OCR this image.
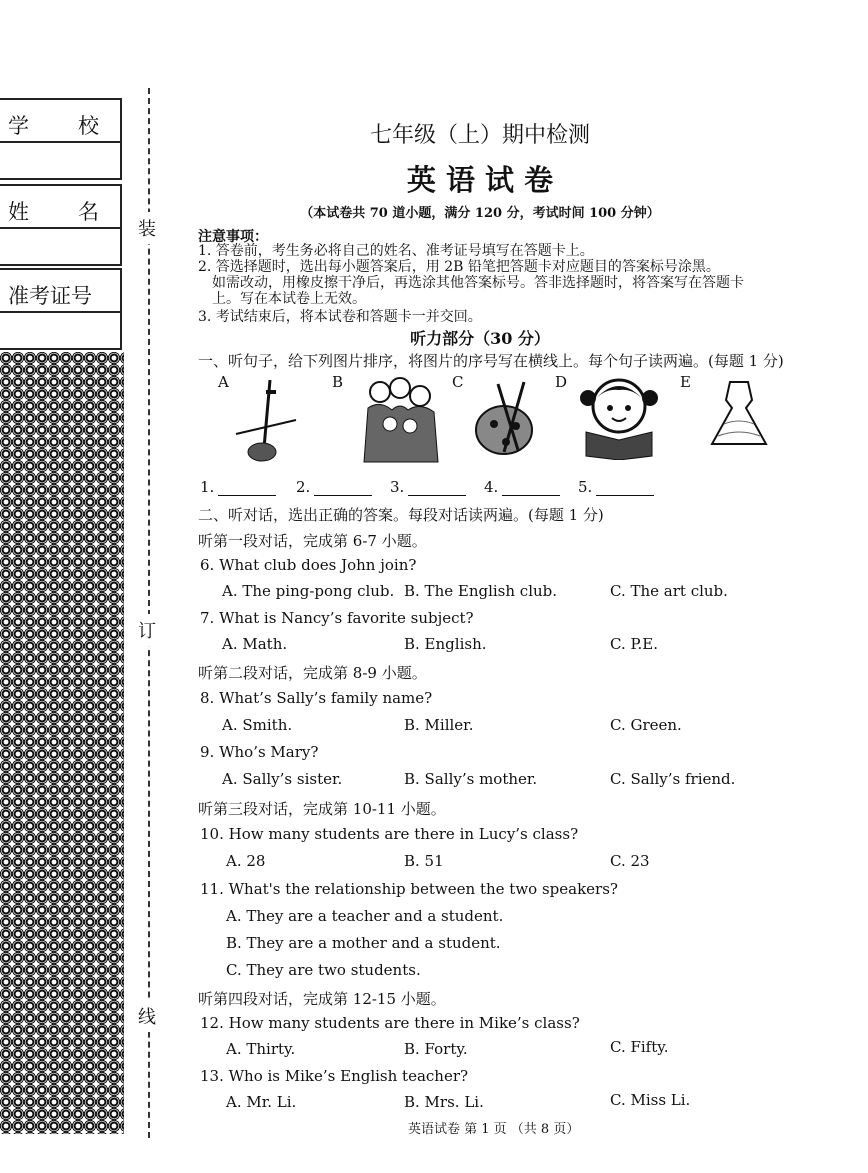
学 校
姓 名
准考证号
装
订
线
七年级（上）期中检测
英 语 试 卷
（本试卷共 70 道小题，满分 120 分，考试时间 100 分钟）
注意事项：
1. 答卷前，考生务必将自己的姓名、准考证号填写在答题卡上。
2. 答选择题时，选出每小题答案后，用 2B 铅笔把答题卡对应题目的答案标号涂黑。
如需改动，用橡皮擦干净后，再选涂其他答案标号。答非选择题时，将答案写在答题卡
上。写在本试卷上无效。
3. 考试结束后，将本试卷和答题卡一并交回。
听力部分（30 分）
一、听句子，给下列图片排序，将图片的序号写在横线上。每个句子读两遍。(每题 1 分)
A	B	C	D	E
1.	2.	3.	4.	5.
二、听对话，选出正确的答案。每段对话读两遍。(每题 1 分)
听第一段对话，完成第 6-7 小题。
6. What club does John join?
A. The ping-pong club. B. The English club.	C. The art club.
7. What is Nancy’s favorite subject?
A. Math.	B. English.	C. P.E.
听第二段对话，完成第 8-9 小题。
8. What’s Sally’s family name?
A. Smith.	B. Miller.	C. Green.
9. Who’s Mary?
A. Sally’s sister.	B. Sally’s mother.	C. Sally’s friend.
听第三段对话，完成第 10-11 小题。
10. How many students are there in Lucy’s class?
A. 28	B. 51	C. 23
11. What's the relationship between the two speakers?
A. They are a teacher and a student.
B. They are a mother and a student.
C. They are two students.
听第四段对话，完成第 12-15 小题。
12. How many students are there in Mike’s class?
A. Thirty.	B. Forty.	C. Fifty.
13. Who is Mike’s English teacher?
A. Mr. Li.	B. Mrs. Li.	C. Miss Li.
英语试卷 第 1 页 （共 8 页）
